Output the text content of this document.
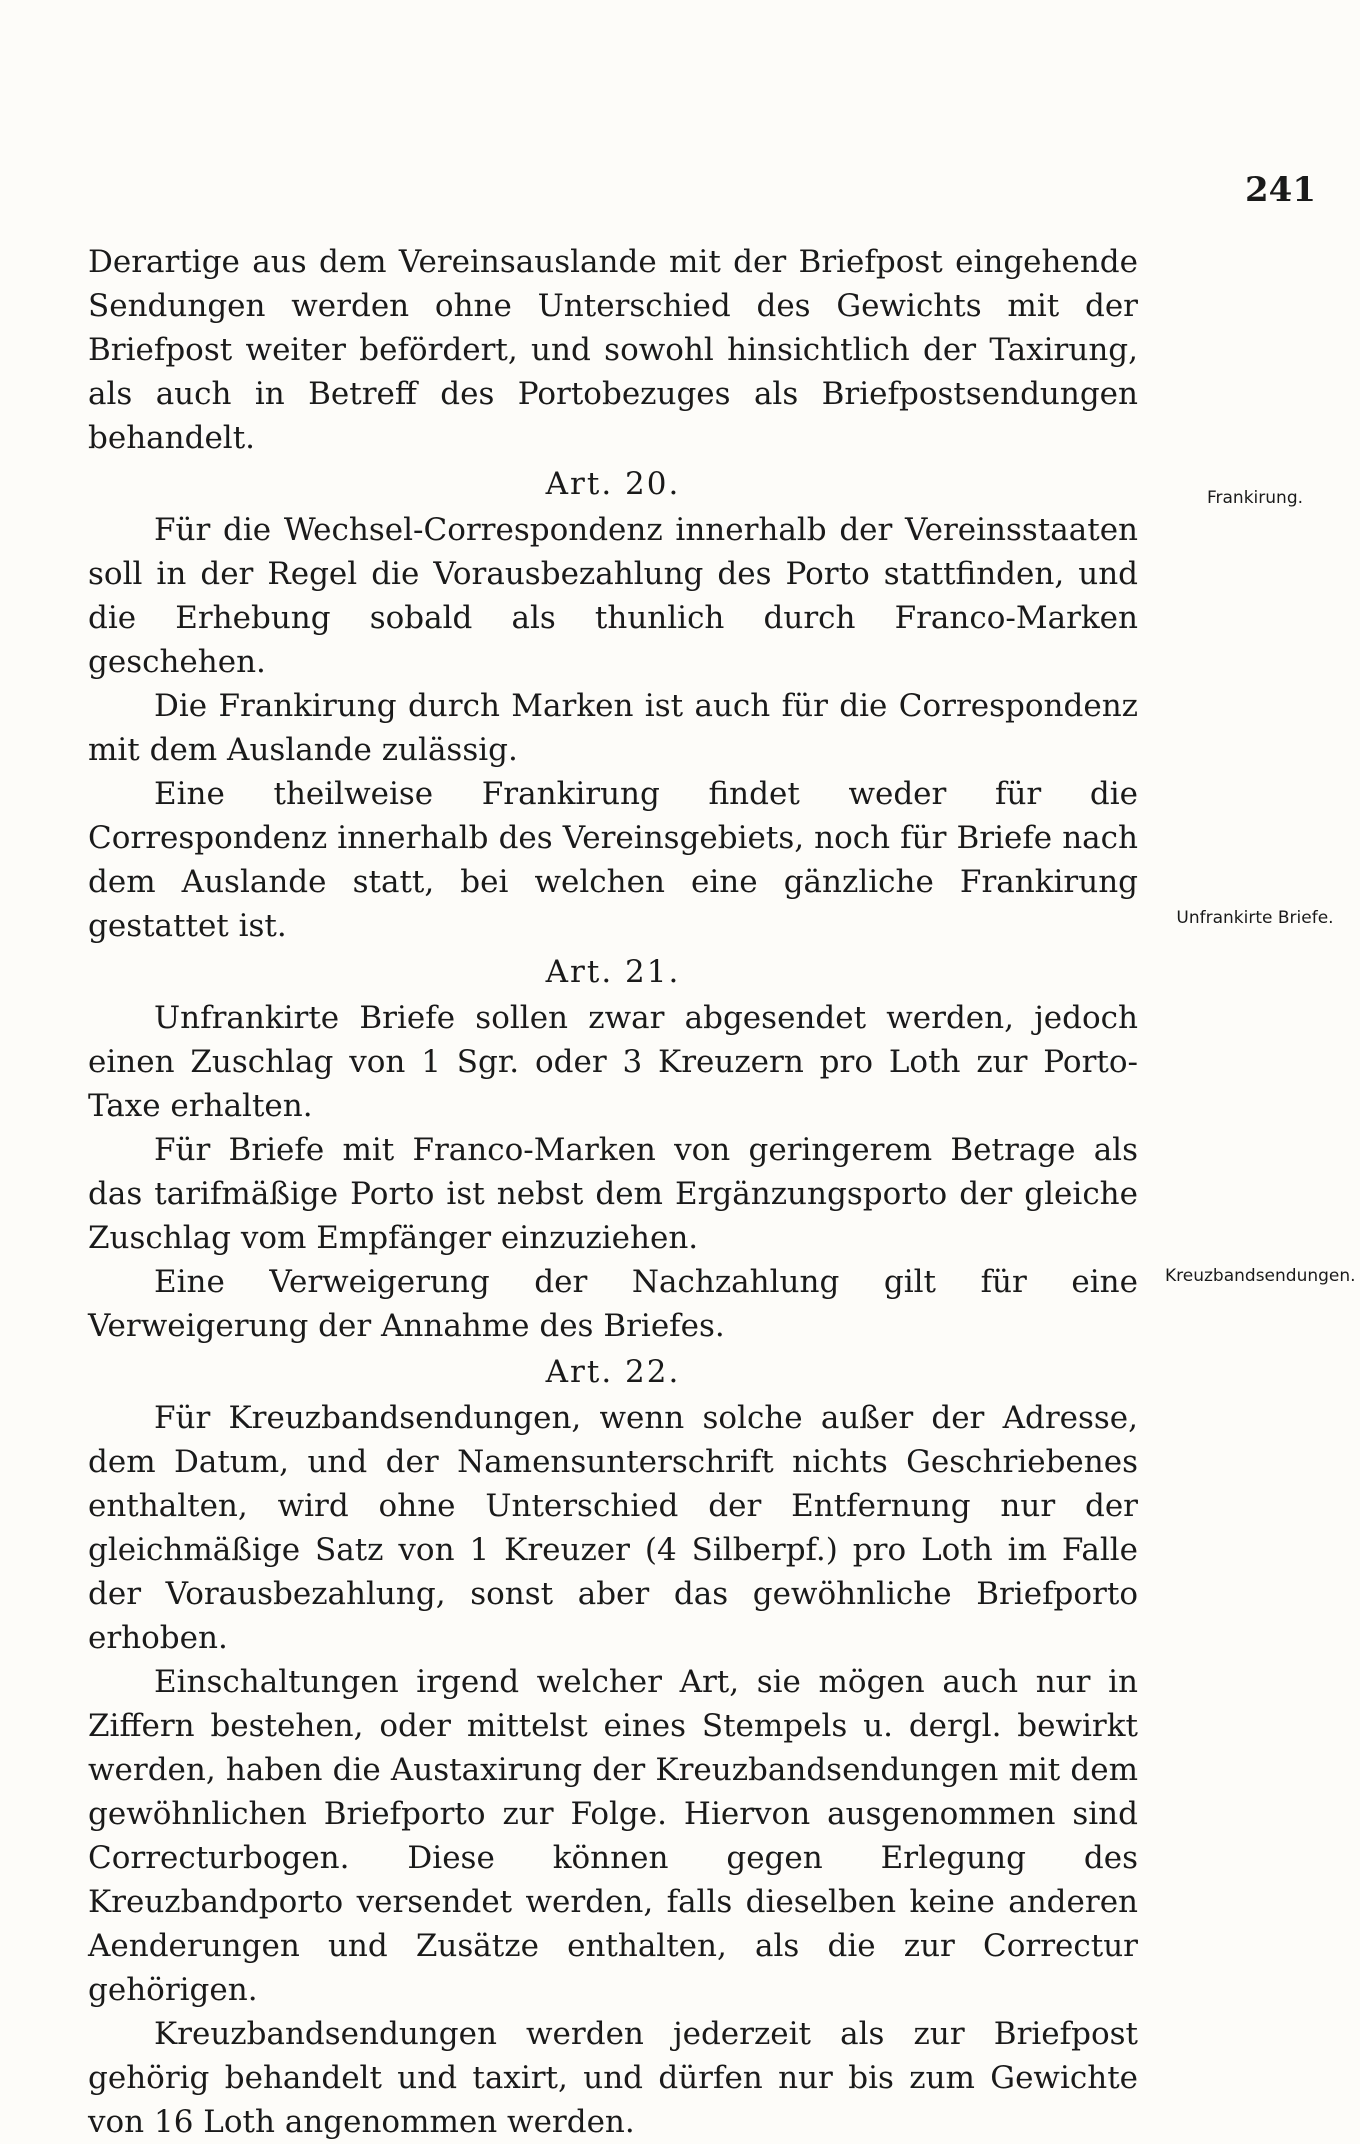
241

Derartige aus dem Vereinsauslande mit der Briefpost eingehende Sendungen werden ohne Unterschied des Gewichts mit der Briefpost weiter befördert, und sowohl hinsichtlich der Taxirung, als auch in Betreff des Portobezuges als Briefpostsendungen behandelt.

Art. 20.

Für die Wechsel-Correspondenz innerhalb der Vereinsstaaten soll in der Regel die Vorausbezahlung des Porto stattfinden, und die Erhebung sobald als thunlich durch Franco-Marken geschehen.

Die Frankirung durch Marken ist auch für die Correspondenz mit dem Auslande zulässig.

Eine theilweise Frankirung findet weder für die Correspondenz innerhalb des Vereinsgebiets, noch für Briefe nach dem Auslande statt, bei welchen eine gänzliche Frankirung gestattet ist.

Art. 21.

Unfrankirte Briefe sollen zwar abgesendet werden, jedoch einen Zuschlag von 1 Sgr. oder 3 Kreuzern pro Loth zur Porto-Taxe erhalten.

Für Briefe mit Franco-Marken von geringerem Betrage als das tarifmäßige Porto ist nebst dem Ergänzungsporto der gleiche Zuschlag vom Empfänger einzuziehen.

Eine Verweigerung der Nachzahlung gilt für eine Verweigerung der Annahme des Briefes.

Art. 22.

Für Kreuzbandsendungen, wenn solche außer der Adresse, dem Datum, und der Namensunterschrift nichts Geschriebenes enthalten, wird ohne Unterschied der Entfernung nur der gleichmäßige Satz von 1 Kreuzer (4 Silberpf.) pro Loth im Falle der Vorausbezahlung, sonst aber das gewöhnliche Briefporto erhoben.

Einschaltungen irgend welcher Art, sie mögen auch nur in Ziffern bestehen, oder mittelst eines Stempels u. dergl. bewirkt werden, haben die Austaxirung der Kreuzbandsendungen mit dem gewöhnlichen Briefporto zur Folge. Hiervon ausgenommen sind Correcturbogen. Diese können gegen Erlegung des Kreuzbandporto versendet werden, falls dieselben keine anderen Aenderungen und Zusätze enthalten, als die zur Correctur gehörigen.

Kreuzbandsendungen werden jederzeit als zur Briefpost gehörig behandelt und taxirt, und dürfen nur bis zum Gewichte von 16 Loth angenommen werden.

Frankirung.
Unfrankirte Briefe.
Kreuzbandsendungen.
